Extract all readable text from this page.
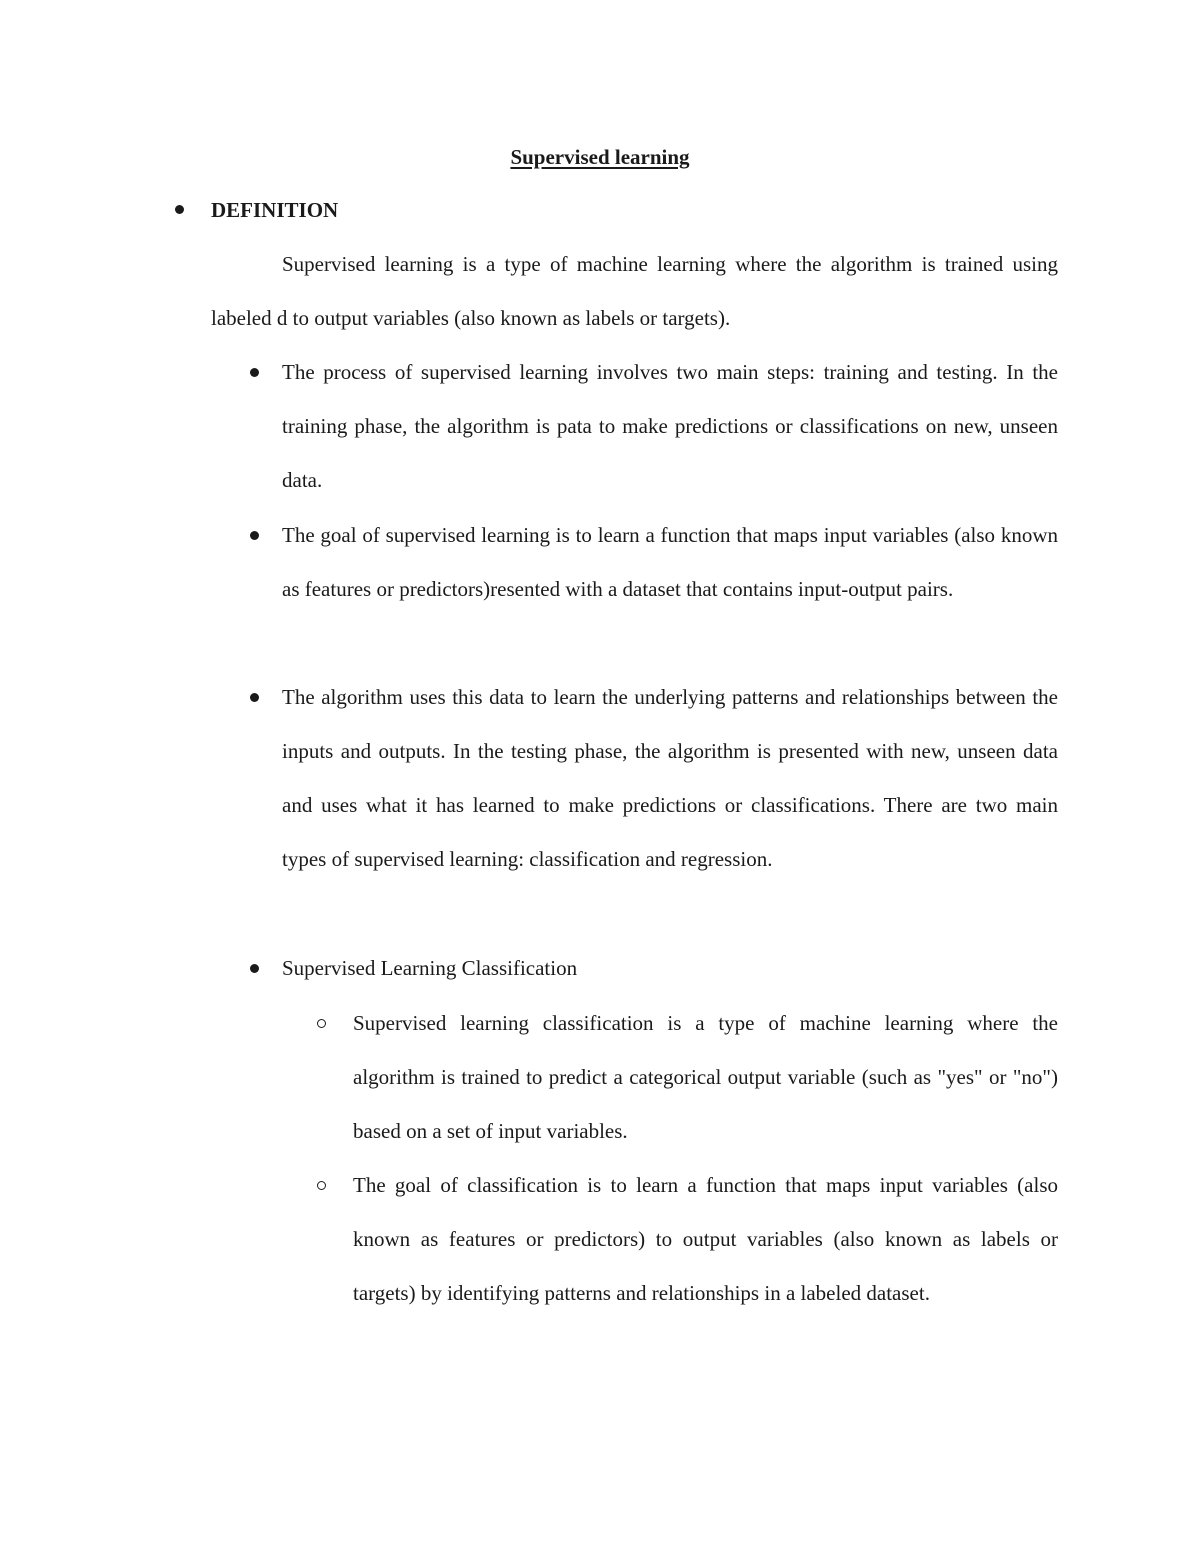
Supervised learning
DEFINITION

Supervised learning is a type of machine learning where the algorithm is trained using labeled d to output variables (also known as labels or targets).

The process of supervised learning involves two main steps: training and testing. In the training phase, the algorithm is pata to make predictions or classifications on new, unseen data.

The goal of supervised learning is to learn a function that maps input variables (also known as features or predictors)resented with a dataset that contains input-output pairs.

The algorithm uses this data to learn the underlying patterns and relationships between the inputs and outputs. In the testing phase, the algorithm is presented with new, unseen data and uses what it has learned to make predictions or classifications. There are two main types of supervised learning: classification and regression.

Supervised Learning Classification

Supervised learning classification is a type of machine learning where the algorithm is trained to predict a categorical output variable (such as "yes" or "no") based on a set of input variables.

The goal of classification is to learn a function that maps input variables (also known as features or predictors) to output variables (also known as labels or targets) by identifying patterns and relationships in a labeled dataset.
